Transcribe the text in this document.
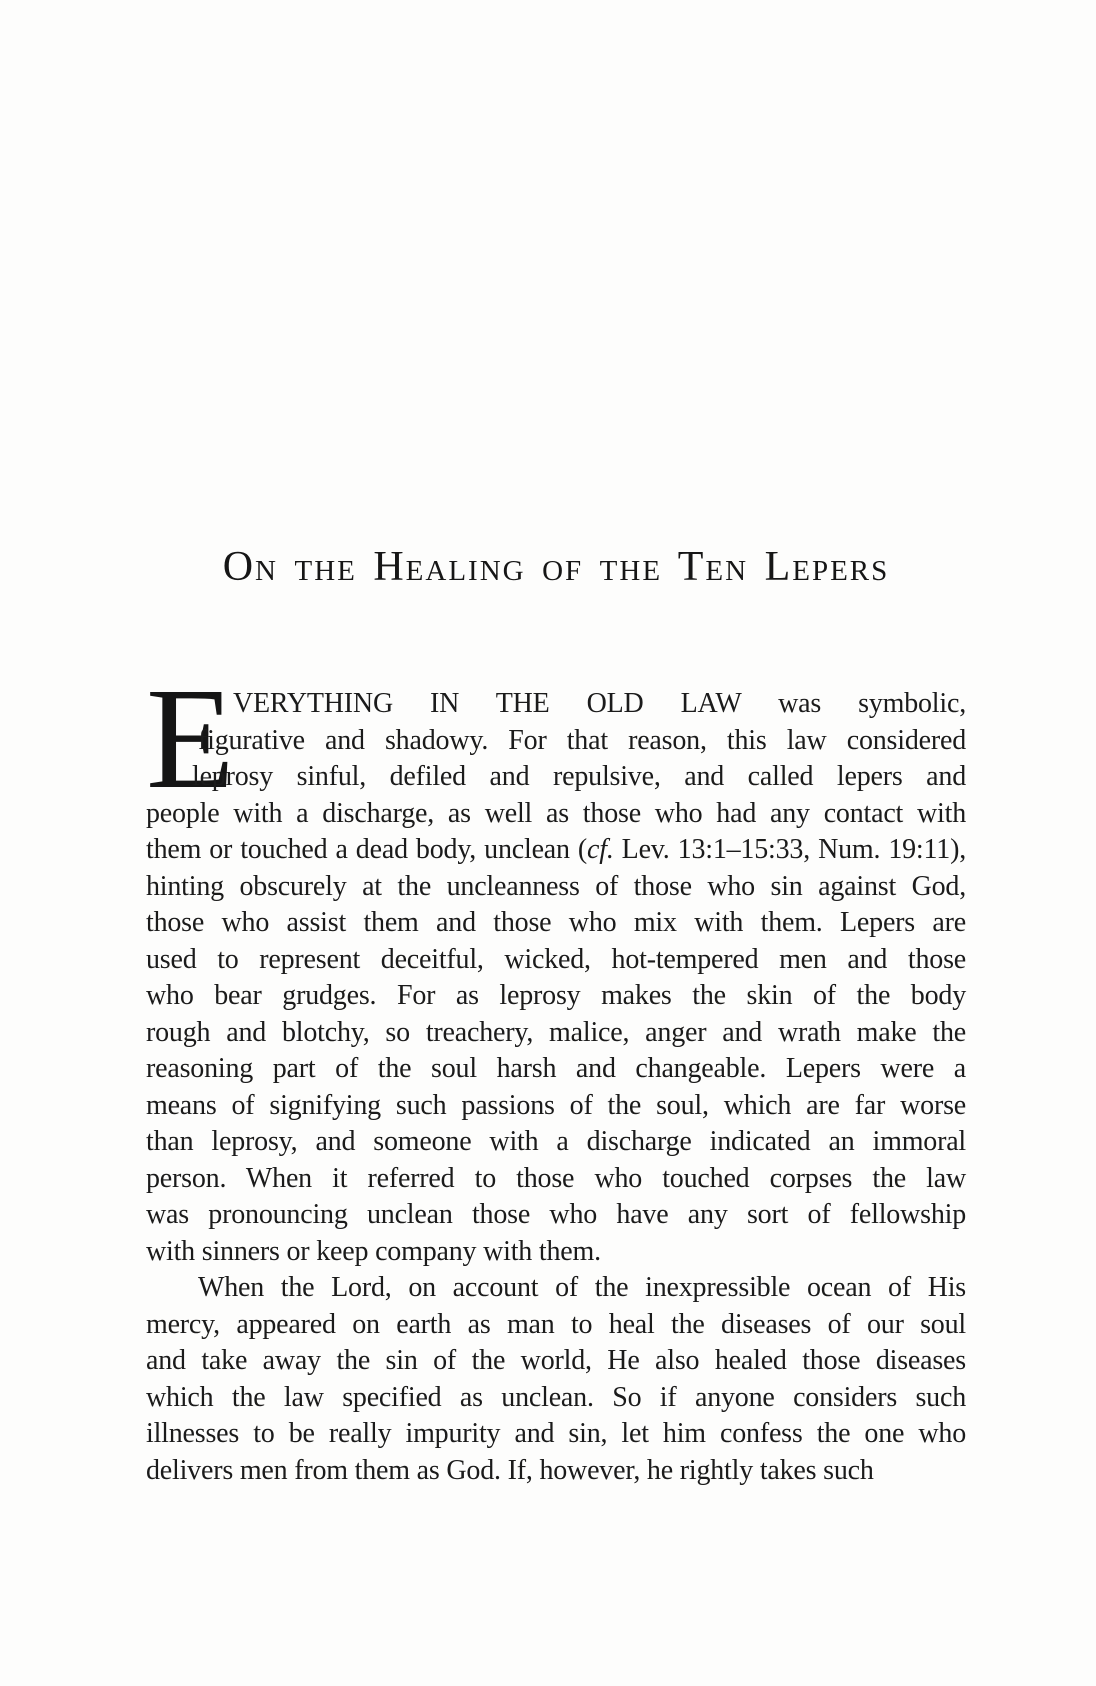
On the Healing of the Ten Lepers
E
VERYTHING IN THE OLD LAW was symbolic,
figurative and shadowy. For that reason, this law considered
leprosy sinful, defiled and repulsive, and called lepers and
people with a discharge, as well as those who had any contact with
them or touched a dead body, unclean (cf. Lev. 13:1–15:33, Num. 19:11),
hinting obscurely at the uncleanness of those who sin against God,
those who assist them and those who mix with them. Lepers are
used to represent deceitful, wicked, hot-tempered men and those
who bear grudges. For as leprosy makes the skin of the body
rough and blotchy, so treachery, malice, anger and wrath make the
reasoning part of the soul harsh and changeable. Lepers were a
means of signifying such passions of the soul, which are far worse
than leprosy, and someone with a discharge indicated an immoral
person. When it referred to those who touched corpses the law
was pronouncing unclean those who have any sort of fellowship
with sinners or keep company with them.
When the Lord, on account of the inexpressible ocean of His
mercy, appeared on earth as man to heal the diseases of our soul
and take away the sin of the world, He also healed those diseases
which the law specified as unclean. So if anyone considers such
illnesses to be really impurity and sin, let him confess the one who
delivers men from them as God. If, however, he rightly takes such
